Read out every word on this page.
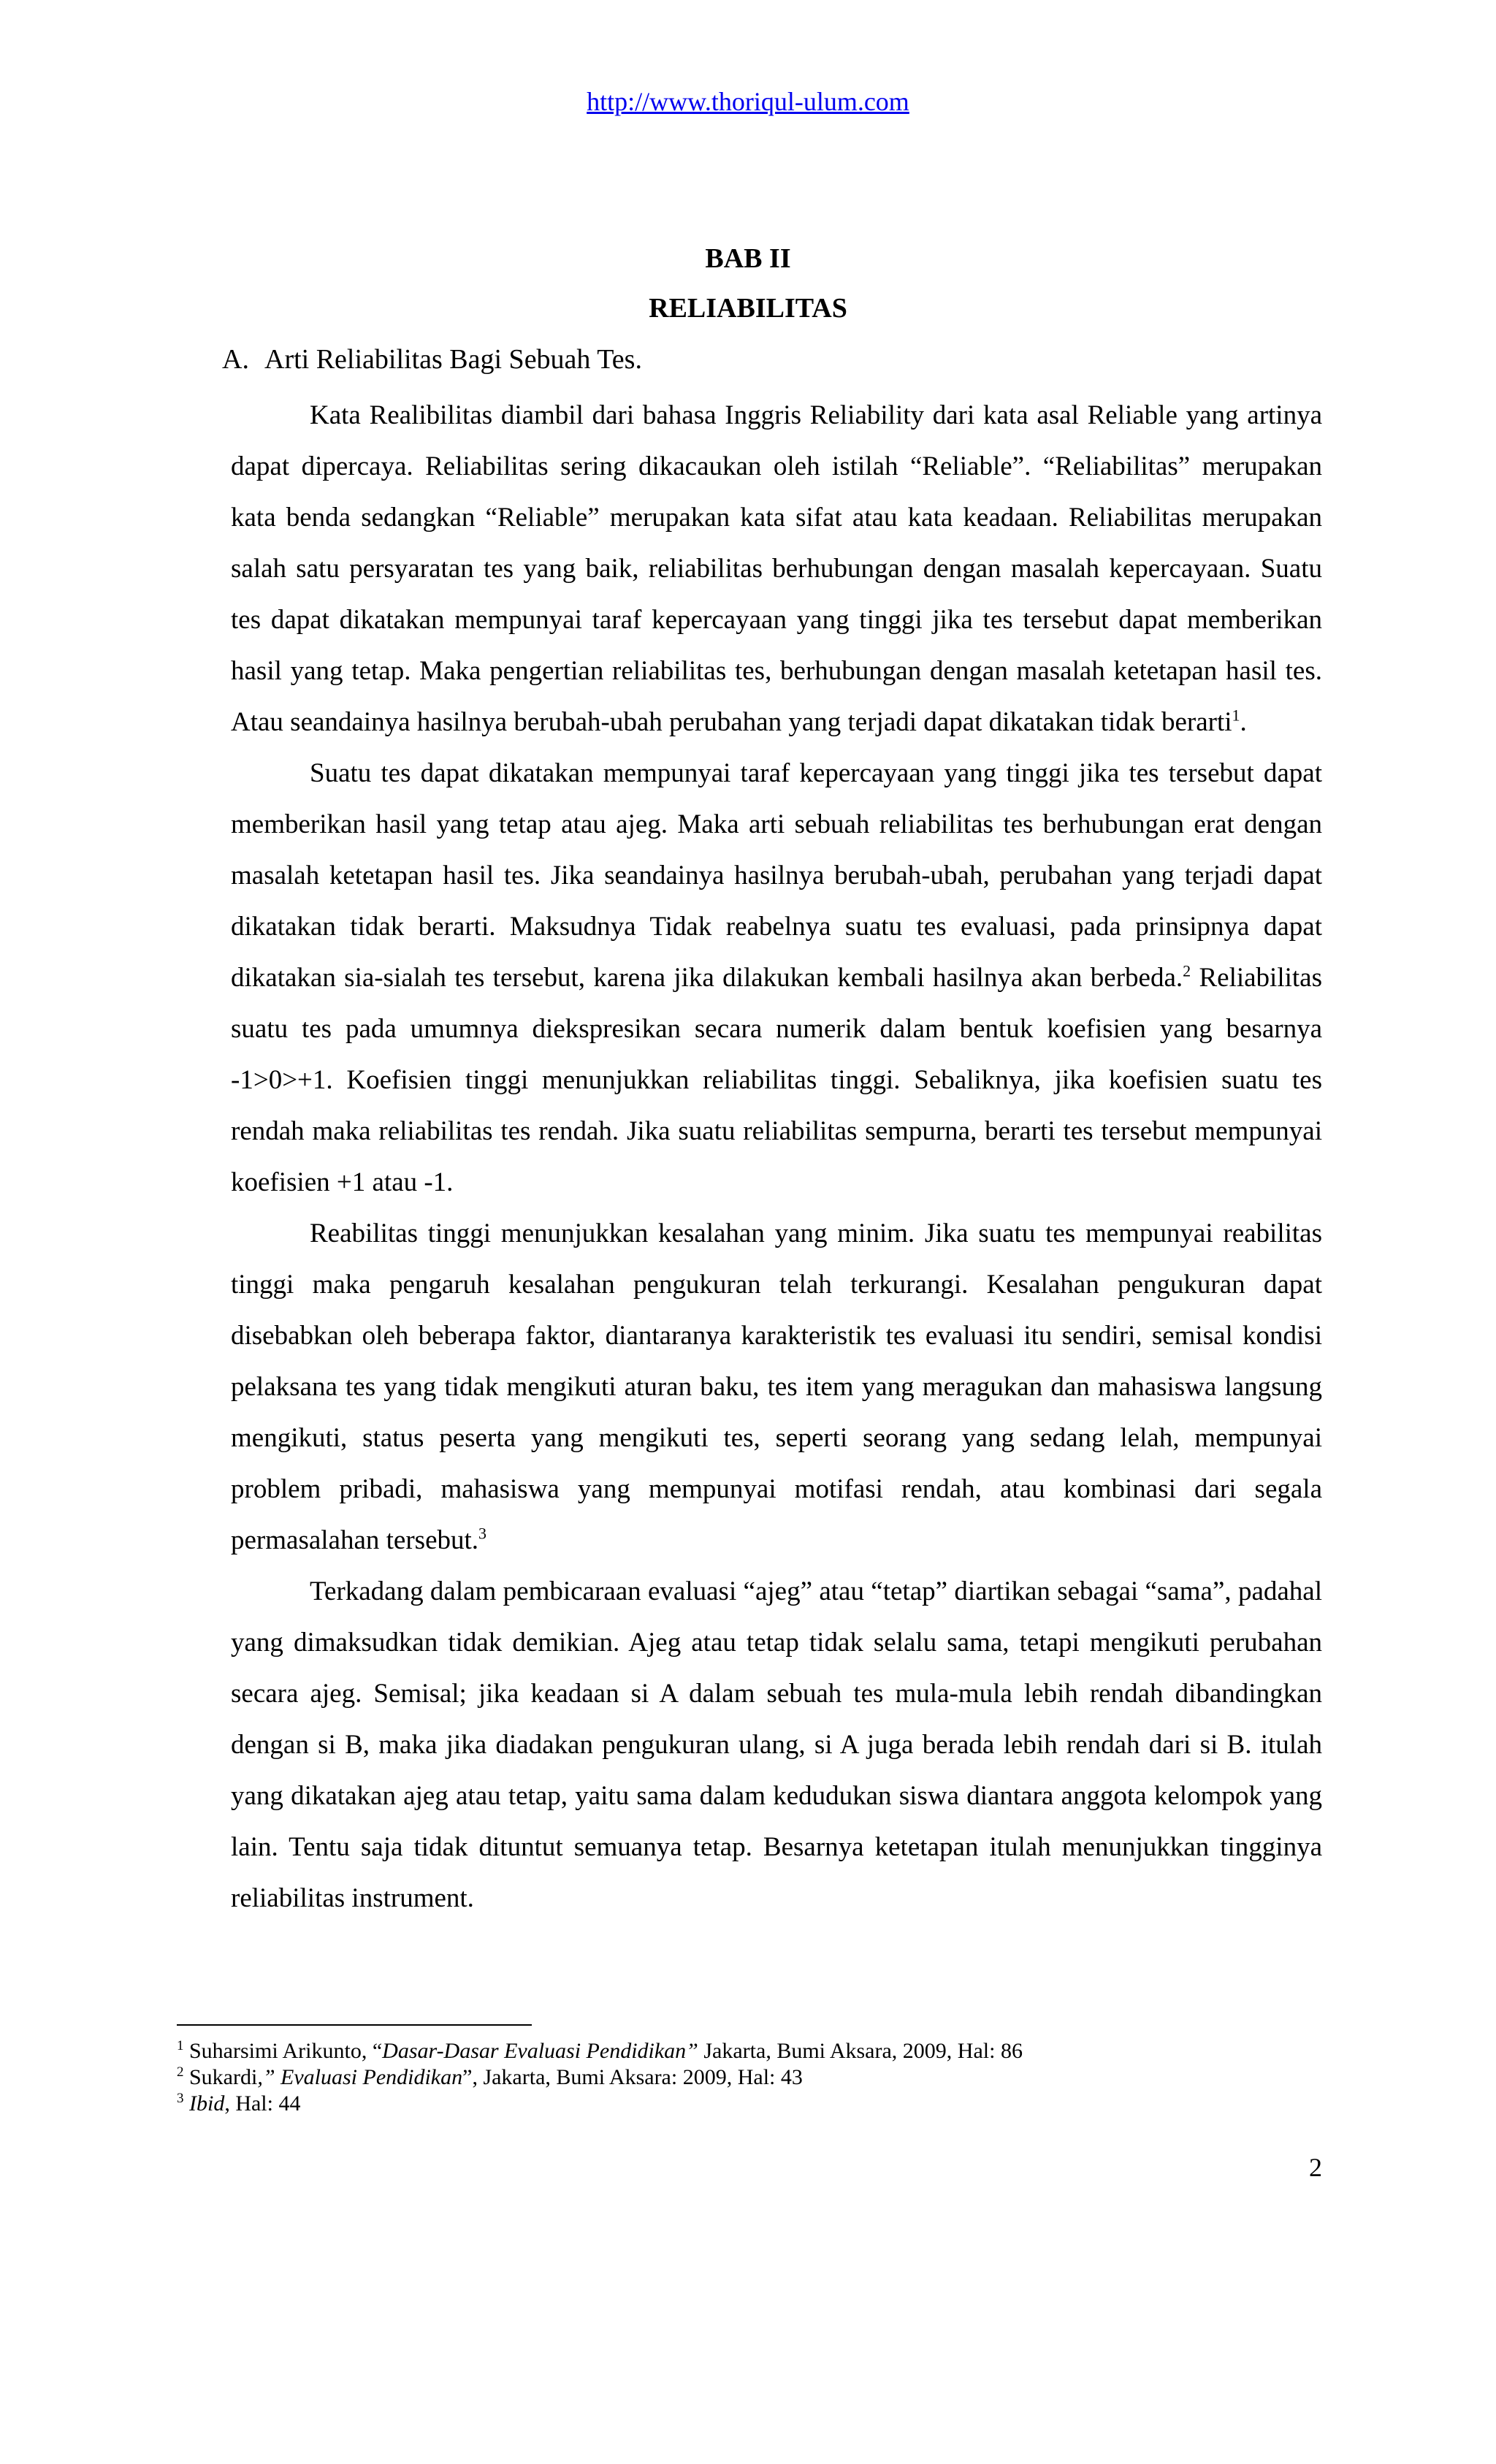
http://www.thoriqul-ulum.com
BAB II
RELIABILITAS
A. Arti Reliabilitas Bagi Sebuah Tes.

Kata Realibilitas diambil dari bahasa Inggris Reliability dari kata asal Reliable yang artinya dapat dipercaya. Reliabilitas sering dikacaukan oleh istilah “Reliable”. “Reliabilitas” merupakan kata benda sedangkan “Reliable” merupakan kata sifat atau kata keadaan. Reliabilitas merupakan salah satu persyaratan tes yang baik, reliabilitas berhubungan dengan masalah kepercayaan. Suatu tes dapat dikatakan mempunyai taraf kepercayaan yang tinggi jika tes tersebut dapat memberikan hasil yang tetap. Maka pengertian reliabilitas tes, berhubungan dengan masalah ketetapan hasil tes. Atau seandainya hasilnya berubah-ubah perubahan yang terjadi dapat dikatakan tidak berarti$^1$.

Suatu tes dapat dikatakan mempunyai taraf kepercayaan yang tinggi jika tes tersebut dapat memberikan hasil yang tetap atau ajeg. Maka arti sebuah reliabilitas tes berhubungan erat dengan masalah ketetapan hasil tes. Jika seandainya hasilnya berubah-ubah, perubahan yang terjadi dapat dikatakan tidak berarti. Maksudnya Tidak reabelnya suatu tes evaluasi, pada prinsipnya dapat dikatakan sia-sialah tes tersebut, karena jika dilakukan kembali hasilnya akan berbeda.$^2$ Reliabilitas suatu tes pada umumnya diekspresikan secara numerik dalam bentuk koefisien yang besarnya -1>0>+1. Koefisien tinggi menunjukkan reliabilitas tinggi. Sebaliknya, jika koefisien suatu tes rendah maka reliabilitas tes rendah. Jika suatu reliabilitas sempurna, berarti tes tersebut mempunyai koefisien +1 atau -1.

Reabilitas tinggi menunjukkan kesalahan yang minim. Jika suatu tes mempunyai reabilitas tinggi maka pengaruh kesalahan pengukuran telah terkurangi. Kesalahan pengukuran dapat disebabkan oleh beberapa faktor, diantaranya karakteristik tes evaluasi itu sendiri, semisal kondisi pelaksana tes yang tidak mengikuti aturan baku, tes item yang meragukan dan mahasiswa langsung mengikuti, status peserta yang mengikuti tes, seperti seorang yang sedang lelah, mempunyai problem pribadi, mahasiswa yang mempunyai motifasi rendah, atau kombinasi dari segala permasalahan tersebut.$^3$

Terkadang dalam pembicaraan evaluasi “ajeg” atau “tetap” diartikan sebagai “sama”, padahal yang dimaksudkan tidak demikian. Ajeg atau tetap tidak selalu sama, tetapi mengikuti perubahan secara ajeg. Semisal; jika keadaan si A dalam sebuah tes mula-mula lebih rendah dibandingkan dengan si B, maka jika diadakan pengukuran ulang, si A juga berada lebih rendah dari si B. itulah yang dikatakan ajeg atau tetap, yaitu sama dalam kedudukan siswa diantara anggota kelompok yang lain. Tentu saja tidak dituntut semuanya tetap. Besarnya ketetapan itulah menunjukkan tingginya reliabilitas instrument.

$^1$ Suharsimi Arikunto, “Dasar-Dasar Evaluasi Pendidikan” Jakarta, Bumi Aksara, 2009, Hal: 86
$^2$ Sukardi,” Evaluasi Pendidikan”, Jakarta, Bumi Aksara: 2009, Hal: 43
$^3$ Ibid, Hal: 44
2
